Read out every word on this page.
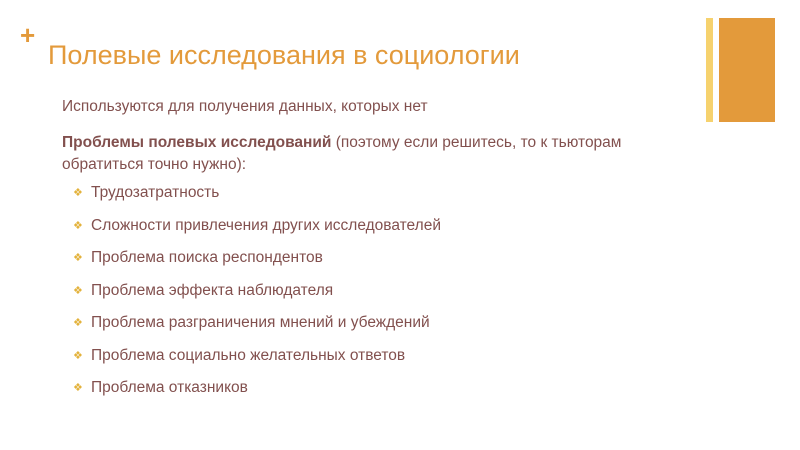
+
Полевые исследования в социологии

Используются для получения данных, которых нет

Проблемы полевых исследований (поэтому если решитесь, то к тьюторам обратиться точно нужно):

❖ Трудозатратность
❖ Сложности привлечения других исследователей
❖ Проблема поиска респондентов
❖ Проблема эффекта наблюдателя
❖ Проблема разграничения мнений и убеждений
❖ Проблема социально желательных ответов
❖ Проблема отказников
